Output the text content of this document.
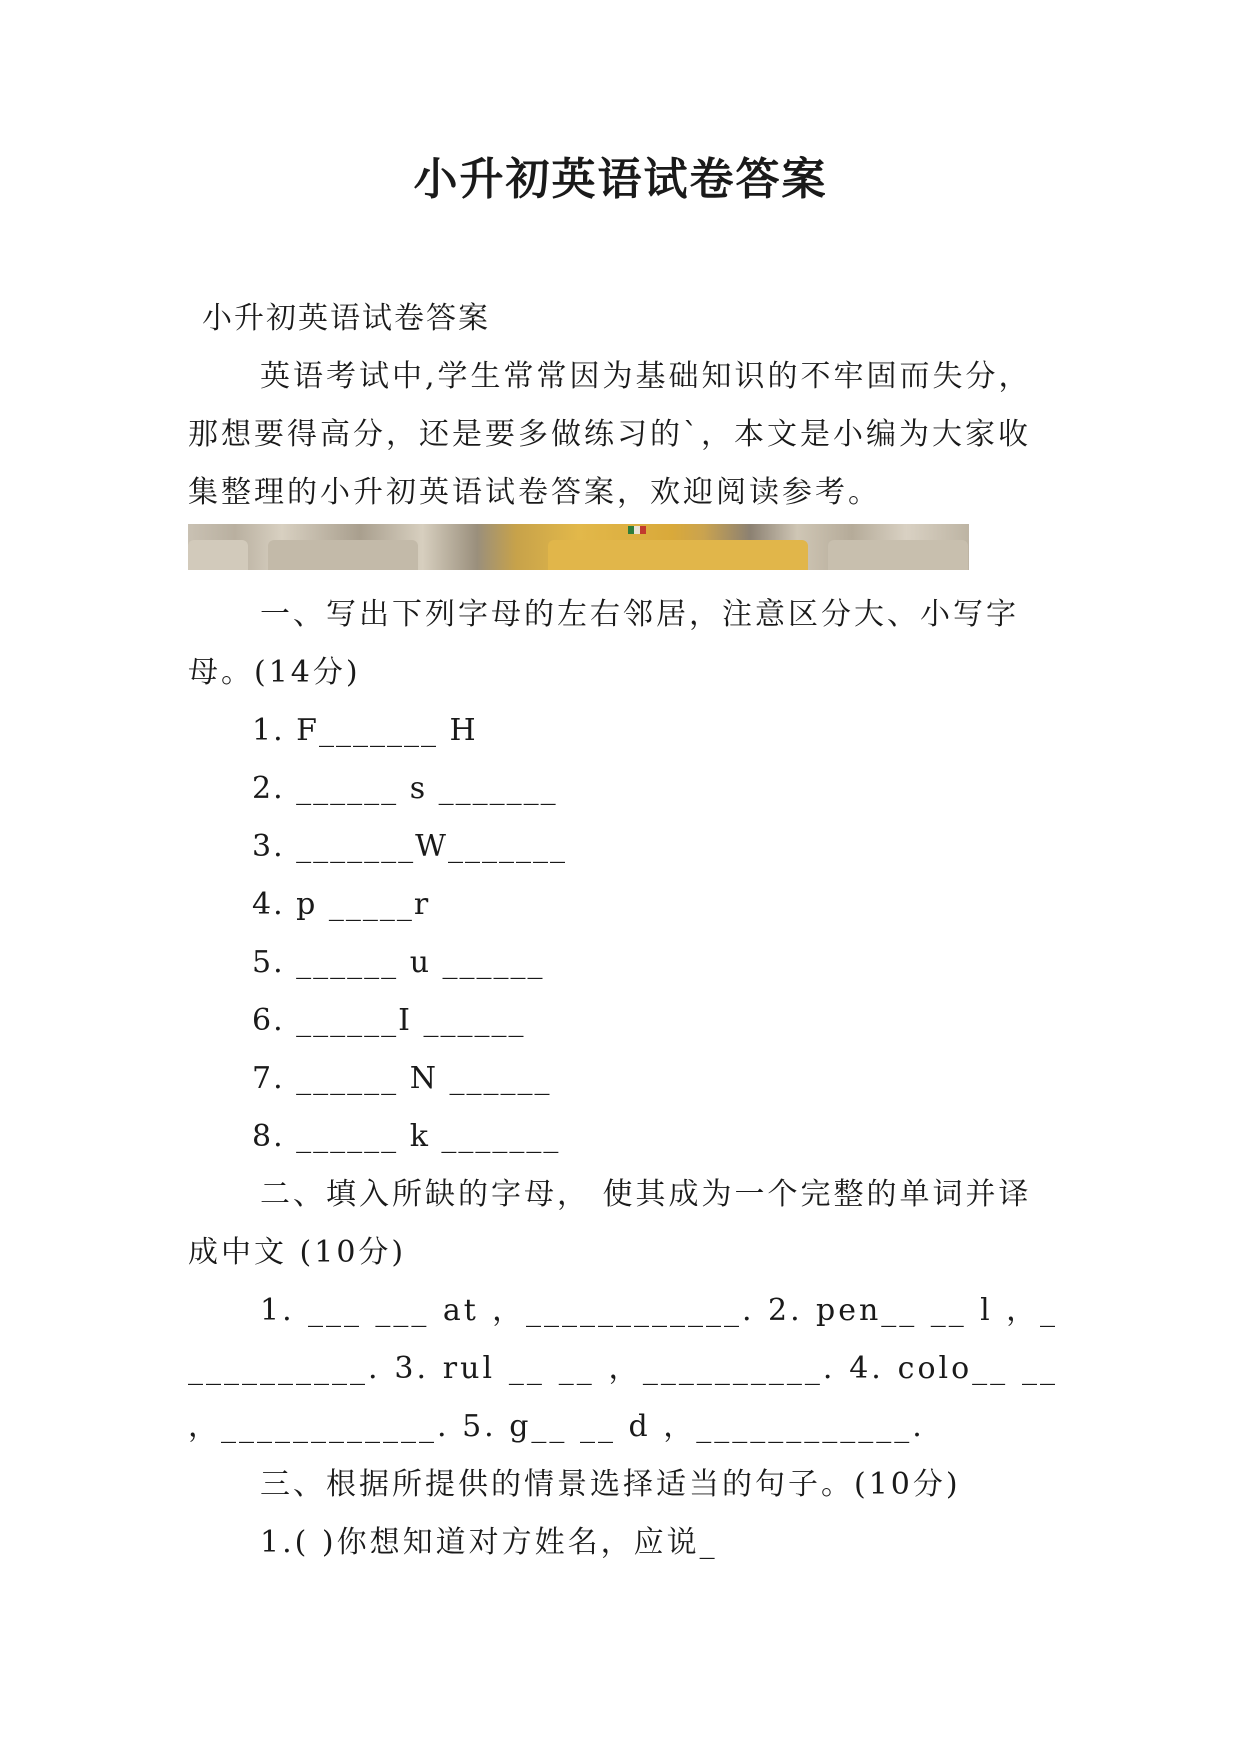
小升初英语试卷答案

小升初英语试卷答案

英语考试中,学生常常因为基础知识的不牢固而失分，那想要得高分，还是要多做练习的`，本文是小编为大家收集整理的小升初英语试卷答案，欢迎阅读参考。

一、写出下列字母的左右邻居，注意区分大、小写字母。(14分)

1. F_______ H

2. ______ s _______

3. _______W_______

4. p _____r

5. ______ u ______

6. ______I ______

7. ______ N ______

8. ______ k _______

二、填入所缺的字母， 使其成为一个完整的单词并译成中文 (10分)

1. ___ ___ at ，____________. 2. pen__ __ l ，___________. 3. rul __ __ ，__________. 4. colo__ __ ，____________. 5. g__ __ d ，____________.

三、根据所提供的情景选择适当的句子。(10分)

1.( )你想知道对方姓名，应说_
